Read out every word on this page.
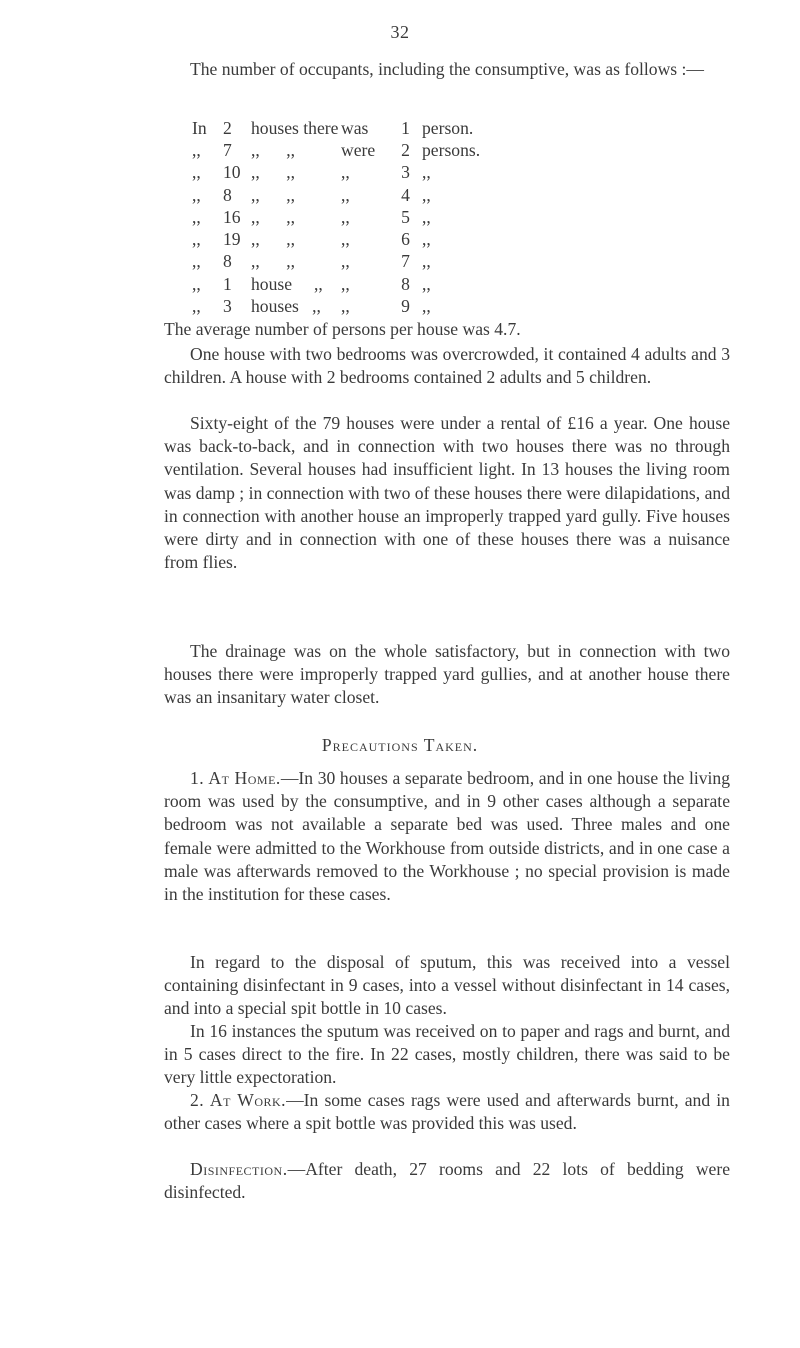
32

The number of occupants, including the consumptive, was as follows :—

In	2	houses there	was	1	person.
,,	7	,,      ,,	were	2	persons.
,,	10	,,      ,,	,,	3	,,
,,	8	,,      ,,	,,	4	,,
,,	16	,,      ,,	,,	5	,,
,,	19	,,      ,,	,,	6	,,
,,	8	,,      ,,	,,	7	,,
,,	1	house     ,,	,,	8	,,
,,	3	houses   ,,	,,	9	,,

The average number of persons per house was 4.7.

One house with two bedrooms was overcrowded, it contained 4 adults and 3 children. A house with 2 bedrooms contained 2 adults and 5 children.

Sixty-eight of the 79 houses were under a rental of £16 a year. One house was back-to-back, and in connection with two houses there was no through ventilation. Several houses had insufficient light. In 13 houses the living room was damp ; in connection with two of these houses there were dilapidations, and in connection with another house an improperly trapped yard gully. Five houses were dirty and in connection with one of these houses there was a nuisance from flies.

The drainage was on the whole satisfactory, but in connection with two houses there were improperly trapped yard gullies, and at another house there was an insanitary water closet.

Precautions Taken.

1. At Home.—In 30 houses a separate bedroom, and in one house the living room was used by the consumptive, and in 9 other cases although a separate bedroom was not available a separate bed was used. Three males and one female were admitted to the Workhouse from outside districts, and in one case a male was afterwards removed to the Workhouse ; no special provision is made in the institution for these cases.

In regard to the disposal of sputum, this was received into a vessel containing disinfectant in 9 cases, into a vessel without disinfectant in 14 cases, and into a special spit bottle in 10 cases.

In 16 instances the sputum was received on to paper and rags and burnt, and in 5 cases direct to the fire. In 22 cases, mostly children, there was said to be very little expectoration.

2. At Work.—In some cases rags were used and afterwards burnt, and in other cases where a spit bottle was provided this was used.

Disinfection.—After death, 27 rooms and 22 lots of bedding were disinfected.
